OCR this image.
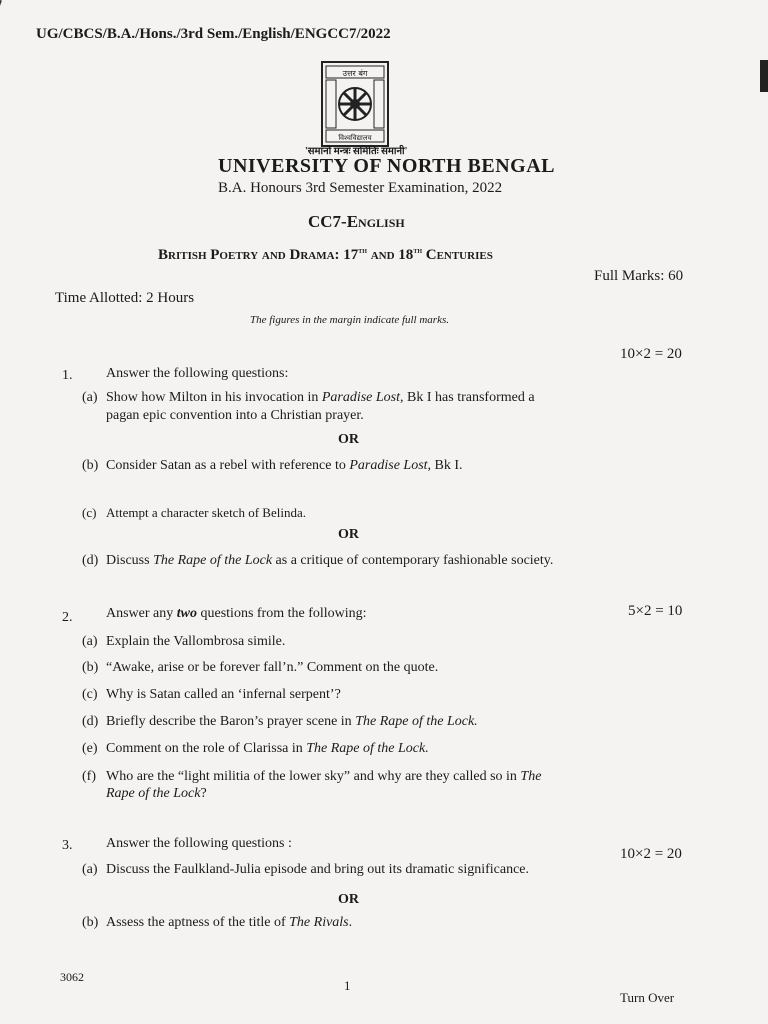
UG/CBCS/B.A./Hons./3rd Sem./English/ENGCC7/2022
उत्तर बंग
विश्वविद्यालय
'समानो मन्त्रः समितिः समानी'
UNIVERSITY OF NORTH BENGAL
B.A. Honours 3rd Semester Examination, 2022
CC7-English
British Poetry and Drama: 17th and 18th Centuries
Full Marks: 60
Time Allotted: 2 Hours
The figures in the margin indicate full marks.
10×2 = 20
1. Answer the following questions:
(a) Show how Milton in his invocation in Paradise Lost, Bk I has transformed a
pagan epic convention into a Christian prayer.
OR
(b) Consider Satan as a rebel with reference to Paradise Lost, Bk I.
(c) Attempt a character sketch of Belinda.
OR
(d) Discuss The Rape of the Lock as a critique of contemporary fashionable society.
2. Answer any two questions from the following:	5×2 = 10
(a) Explain the Vallombrosa simile.
(b) “Awake, arise or be forever fall’n.” Comment on the quote.
(c) Why is Satan called an ‘infernal serpent’?
(d) Briefly describe the Baron’s prayer scene in The Rape of the Lock.
(e) Comment on the role of Clarissa in The Rape of the Lock.
(f) Who are the “light militia of the lower sky” and why are they called so in The
Rape of the Lock?
3. Answer the following questions :
10×2 = 20
(a) Discuss the Faulkland-Julia episode and bring out its dramatic significance.
OR
(b) Assess the aptness of the title of The Rivals.
3062
1
Turn Over
